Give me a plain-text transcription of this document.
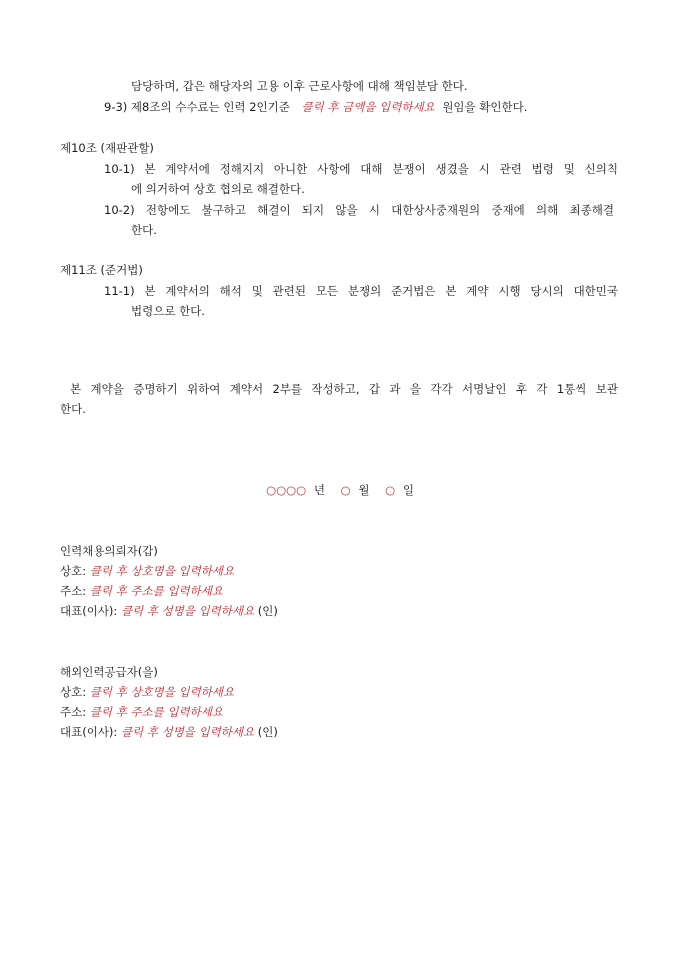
담당하며, 갑은 해당자의 고용 이후 근로사항에 대해 책임분담 한다.
9-3) 제8조의 수수료는 인력 2인기준 클릭 후 금액을 입력하세요 원임을 확인한다.
제10조 (재판관할)
10-1) 본 계약서에 정해지지 아니한 사항에 대해 분쟁이 생겼을 시 관련 법령 및 신의칙
에 의거하여 상호 협의로 해결한다.
10-2) 전항에도 불구하고 해결이 되지 않을 시 대한상사중재원의 중재에 의해 최종해결
한다.
제11조 (준거법)
11-1) 본 계약서의 해석 및 관련된 모든 분쟁의 준거법은 본 계약 시행 당시의 대한민국
법령으로 한다.
본 계약을 증명하기 위하여 계약서 2부를 작성하고, 갑 과 을 각각 서명날인 후 각 1통씩 보관
한다.
○○○○ 년 ○ 월 ○ 일
인력채용의뢰자(갑)
상호: 클릭 후 상호명을 입력하세요
주소: 클릭 후 주소를 입력하세요
대표(이사): 클릭 후 성명을 입력하세요 (인)
해외인력공급자(을)
상호: 클릭 후 상호명을 입력하세요
주소: 클릭 후 주소를 입력하세요
대표(이사): 클릭 후 성명을 입력하세요 (인)
